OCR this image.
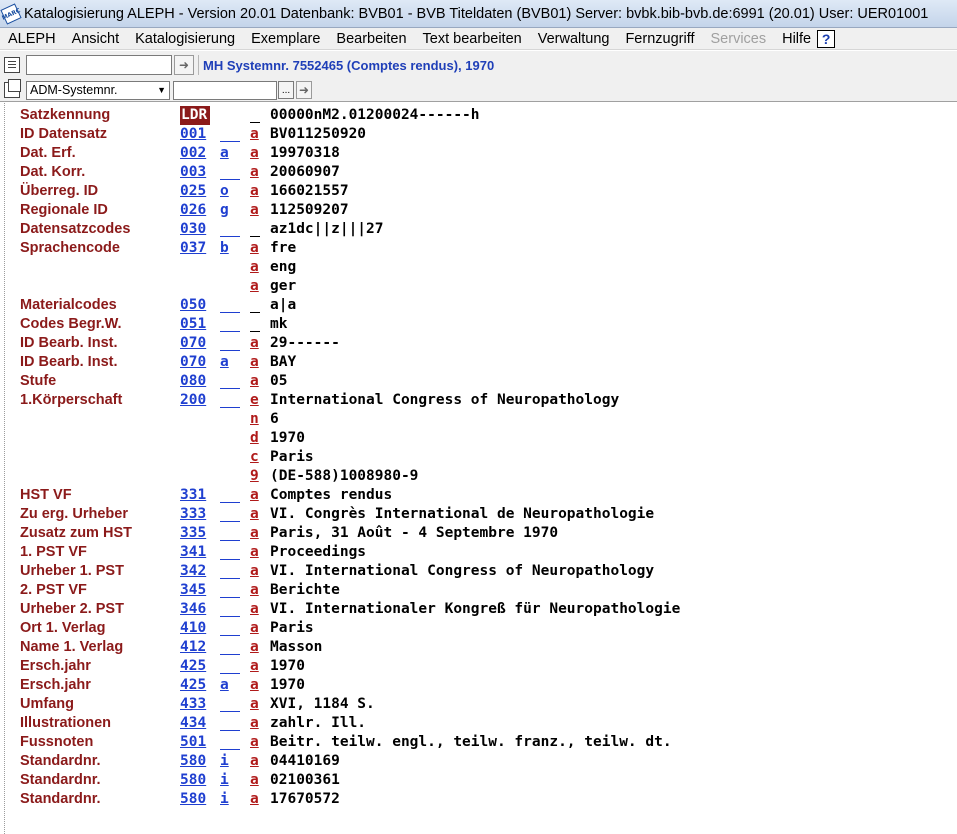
MARC Katalogisierung ALEPH - Version 20.01 Datenbank: BVB01 - BVB Titeldaten (BVB01) Server: bvbk.bib-bvb.de:6991 (20.01) User: UER01001
ALEPH	Ansicht	Katalogisierung	Exemplare	Bearbeiten	Text bearbeiten	Verwaltung	Fernzugriff	Services	Hilfe ?
➜	MH Systemnr. 7552465 (Comptes rendus), 1970
ADM-Systemnr.	▼	... ➜
Satzkennung	LDR	00000nM2.01200024------h
ID Datensatz	001	a BV011250920
Dat. Erf.	002 a	a 19970318
Dat. Korr.	003	a 20060907
Überreg. ID	025 o	a 166021557
Regionale ID	026 g	a 112509207
Datensatzcodes	030	az1dc||z|||27
Sprachencode	037 b	a fre
a eng
a ger
Materialcodes	050	a|a
Codes Begr.W.	051	mk
ID Bearb. Inst.	070	a 29------
ID Bearb. Inst.	070 a	a BAY
Stufe	080	a 05
1.Körperschaft	200	e International Congress of Neuropathology
n 6
d 1970
c Paris
9 (DE-588)1008980-9
HST VF	331	a Comptes rendus
Zu erg. Urheber	333	a VI. Congrès International de Neuropathologie
Zusatz zum HST	335	a Paris, 31 Août - 4 Septembre 1970
1. PST VF	341	a Proceedings
Urheber 1. PST	342	a VI. International Congress of Neuropathology
2. PST VF	345	a Berichte
Urheber 2. PST	346	a VI. Internationaler Kongreß für Neuropathologie
Ort 1. Verlag	410	a Paris
Name 1. Verlag	412	a Masson
Ersch.jahr	425	a 1970
Ersch.jahr	425 a	a 1970
Umfang	433	a XVI, 1184 S.
Illustrationen	434	a zahlr. Ill.
Fussnoten	501	a Beitr. teilw. engl., teilw. franz., teilw. dt.
Standardnr.	580 i	a 04410169
Standardnr.	580 i	a 02100361
Standardnr.	580 i	a 17670572
